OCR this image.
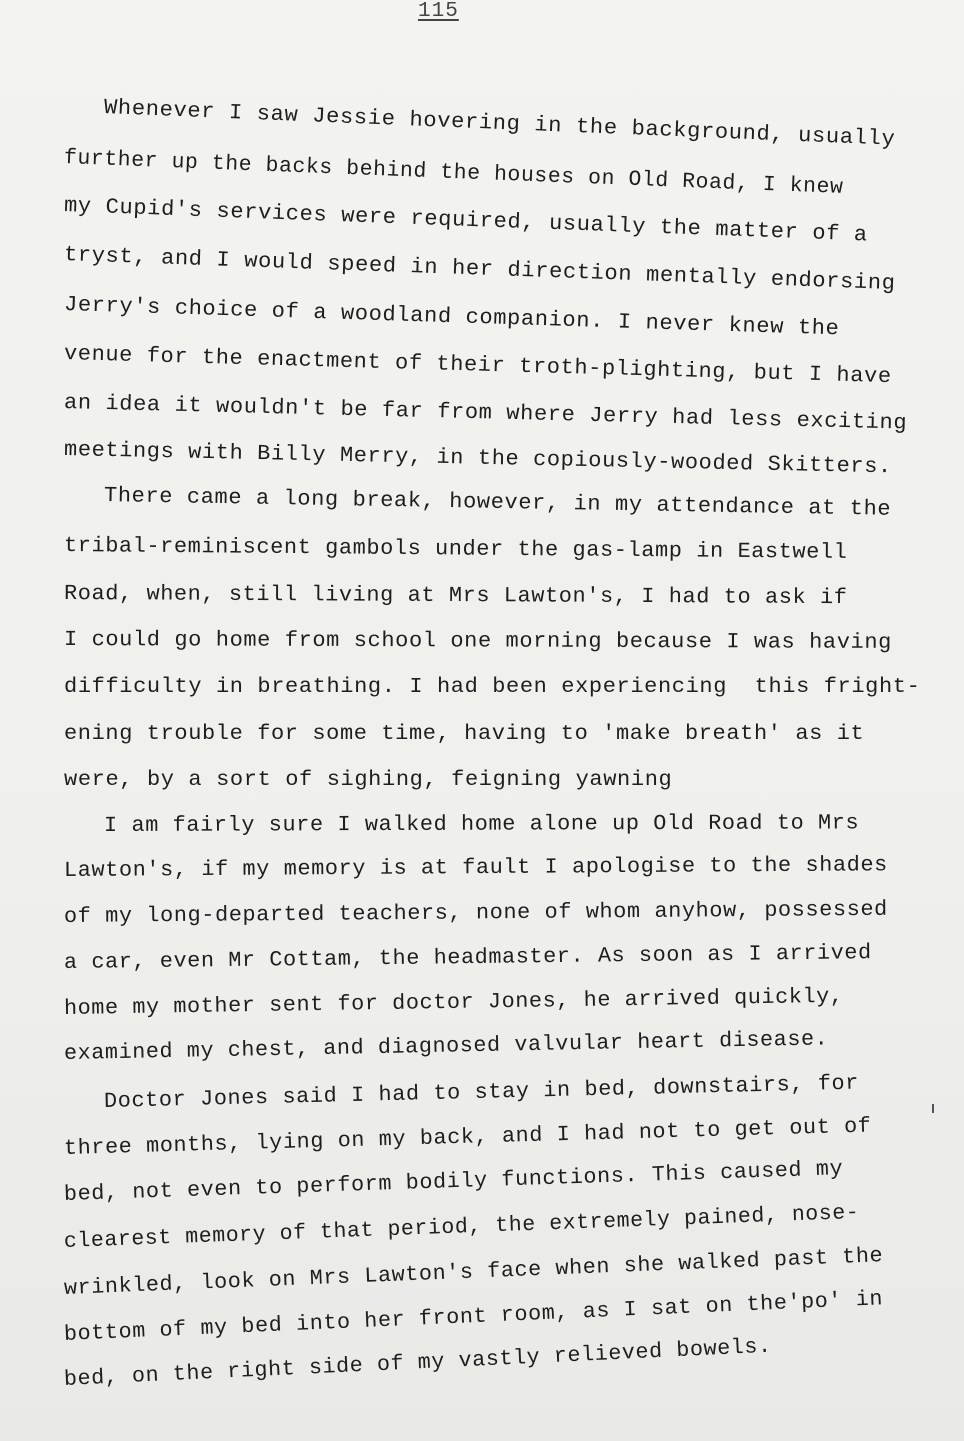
115
Whenever I saw Jessie hovering in the background, usually
further up the backs behind the houses on Old Road, I knew
my Cupid's services were required, usually the matter of a
tryst, and I would speed in her direction mentally endorsing
Jerry's choice of a woodland companion. I never knew the
venue for the enactment of their troth-plighting, but I have
an idea it wouldn't be far from where Jerry had less exciting
meetings with Billy Merry, in the copiously-wooded Skitters.
There came a long break, however, in my attendance at the
tribal-reminiscent gambols under the gas-lamp in Eastwell
Road, when, still living at Mrs Lawton's, I had to ask if
I could go home from school one morning because I was having
difficulty in breathing. I had been experiencing  this fright-
ening trouble for some time, having to 'make breath' as it
were, by a sort of sighing, feigning yawning
I am fairly sure I walked home alone up Old Road to Mrs
Lawton's, if my memory is at fault I apologise to the shades
of my long-departed teachers, none of whom anyhow, possessed
a car, even Mr Cottam, the headmaster. As soon as I arrived
home my mother sent for doctor Jones, he arrived quickly,
examined my chest, and diagnosed valvular heart disease.
Doctor Jones said I had to stay in bed, downstairs, for
three months, lying on my back, and I had not to get out of
bed, not even to perform bodily functions. This caused my
clearest memory of that period, the extremely pained, nose-
wrinkled, look on Mrs Lawton's face when she walked past the
bottom of my bed into her front room, as I sat on the'po' in
bed, on the right side of my vastly relieved bowels.
